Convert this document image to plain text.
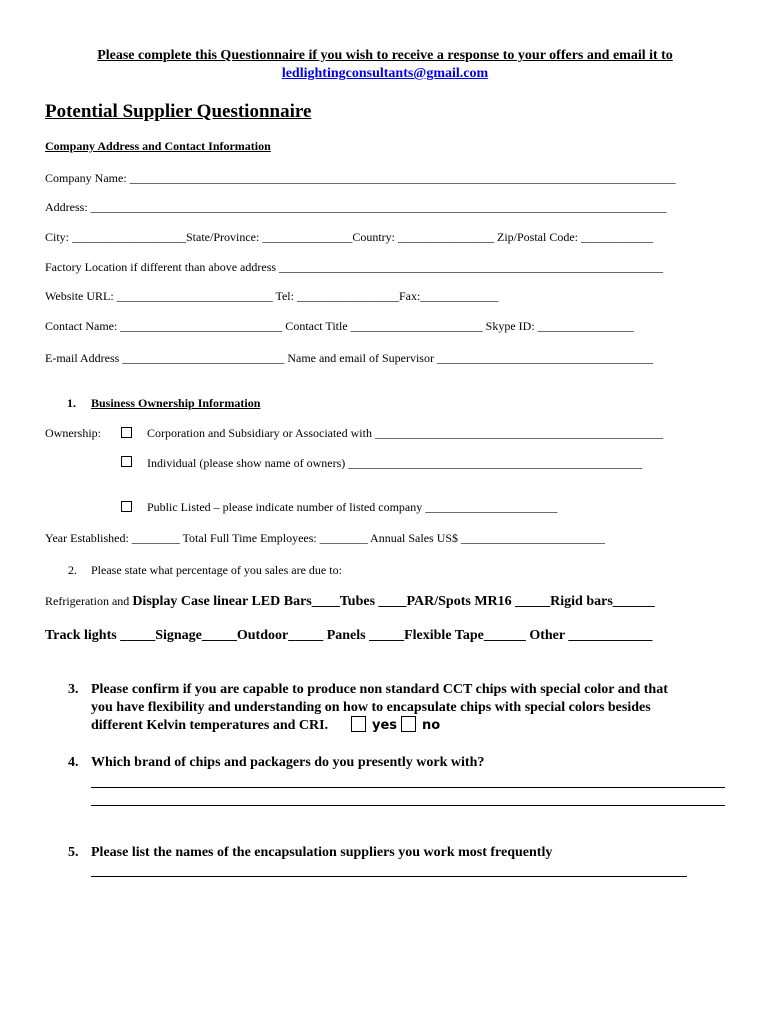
Please complete this Questionnaire if you wish to receive a response to your offers and email it to
ledlightingconsultants@gmail.com
Potential Supplier Questionnaire
Company Address and Contact Information
Company Name: ___________________________________________________________________________________________
Address: ________________________________________________________________________________________________
City: ___________________State/Province: _______________Country: ________________ Zip/Postal Code: ____________
Factory Location if different than above address ________________________________________________________________
Website URL: __________________________ Tel: _________________Fax:_____________
Contact Name: ___________________________ Contact Title ______________________ Skype ID: ________________
E-mail Address ___________________________ Name and email of Supervisor ____________________________________
1. Business Ownership Information
Ownership:	Corporation and Subsidiary or Associated with ________________________________________________
Individual (please show name of owners) _________________________________________________
Public Listed – please indicate number of listed company ______________________
Year Established: ________ Total Full Time Employees: ________ Annual Sales US$ ________________________
2. Please state what percentage of you sales are due to:
Refrigeration and Display Case linear LED Bars____Tubes ____PAR/Spots MR16 _____Rigid bars______
Track lights _____Signage_____Outdoor_____ Panels _____Flexible Tape______ Other ____________
3. Please confirm if you are capable to produce non standard CCT chips with special color and that
you have flexibility and understanding on how to encapsulate chips with special colors besides
different Kelvin temperatures and CRI.	yes no
4. Which brand of chips and packagers do you presently work with?
5. Please list the names of the encapsulation suppliers you work most frequently
